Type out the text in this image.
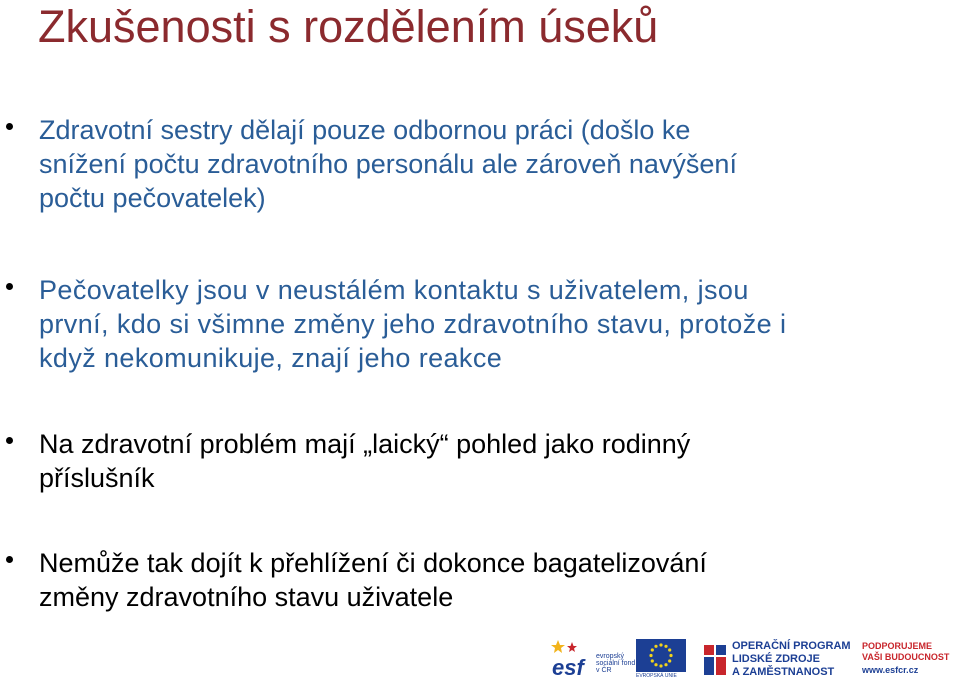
Zkušenosti s rozdělením úseků
Zdravotní sestry dělají pouze odbornou práci (došlo ke
snížení počtu zdravotního personálu ale zároveň navýšení
počtu pečovatelek)
Pečovatelky jsou v neustálém kontaktu s uživatelem, jsou
první, kdo si všimne změny jeho zdravotního stavu, protože i
když nekomunikuje, znají jeho reakce
Na zdravotní problém mají „laický“ pohled jako rodinný
příslušník
Nemůže tak dojít k přehlížení či dokonce bagatelizování
změny zdravotního stavu uživatele
esf evropský sociální fond v ČR
EVROPSKÁ UNIE
OPERAČNÍ PROGRAM
LIDSKÉ ZDROJE
A ZAMĚSTNANOST
PODPORUJEME
VAŠI BUDOUCNOST
www.esfcr.cz
